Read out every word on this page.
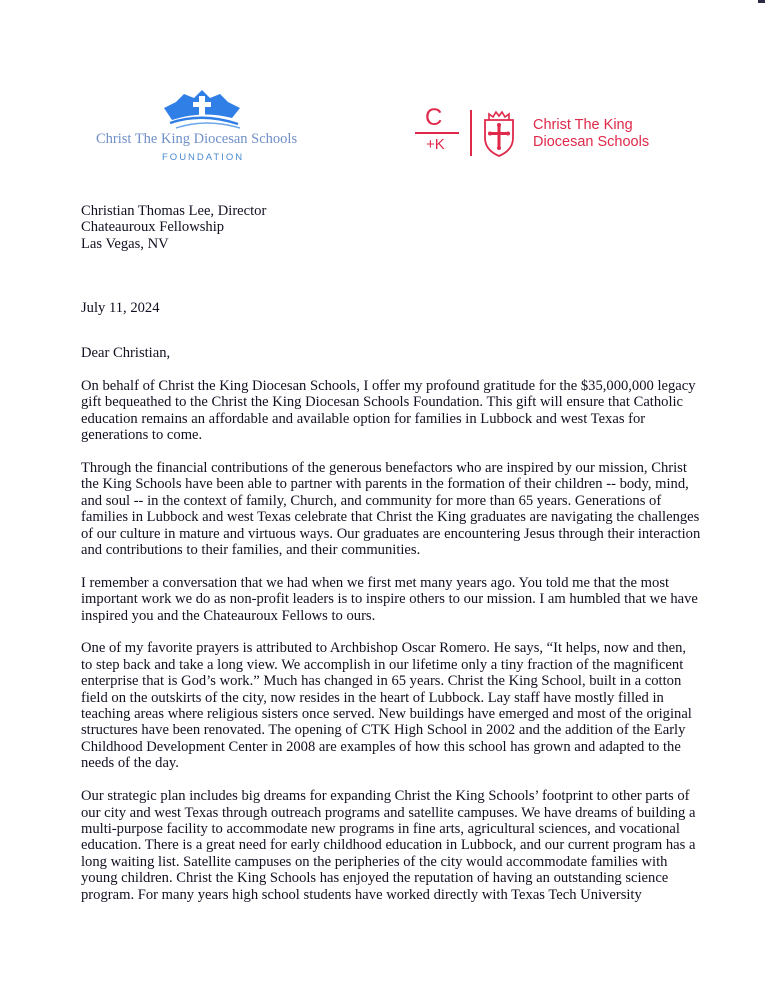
Christ The King Diocesan Schools
FOUNDATION
C
+K
Christ The King
Diocesan Schools
Christian Thomas Lee, Director
Chateauroux Fellowship
Las Vegas, NV
July 11, 2024
Dear Christian,

On behalf of Christ the King Diocesan Schools, I offer my profound gratitude for the $35,000,000 legacy
gift bequeathed to the Christ the King Diocesan Schools Foundation. This gift will ensure that Catholic
education remains an affordable and available option for families in Lubbock and west Texas for
generations to come.

Through the financial contributions of the generous benefactors who are inspired by our mission, Christ
the King Schools have been able to partner with parents in the formation of their children -- body, mind,
and soul -- in the context of family, Church, and community for more than 65 years. Generations of
families in Lubbock and west Texas celebrate that Christ the King graduates are navigating the challenges
of our culture in mature and virtuous ways. Our graduates are encountering Jesus through their interaction
and contributions to their families, and their communities.

I remember a conversation that we had when we first met many years ago. You told me that the most
important work we do as non-profit leaders is to inspire others to our mission. I am humbled that we have
inspired you and the Chateauroux Fellows to ours.

One of my favorite prayers is attributed to Archbishop Oscar Romero. He says, “It helps, now and then,
to step back and take a long view. We accomplish in our lifetime only a tiny fraction of the magnificent
enterprise that is God’s work.” Much has changed in 65 years. Christ the King School, built in a cotton
field on the outskirts of the city, now resides in the heart of Lubbock. Lay staff have mostly filled in
teaching areas where religious sisters once served. New buildings have emerged and most of the original
structures have been renovated. The opening of CTK High School in 2002 and the addition of the Early
Childhood Development Center in 2008 are examples of how this school has grown and adapted to the
needs of the day.

Our strategic plan includes big dreams for expanding Christ the King Schools’ footprint to other parts of
our city and west Texas through outreach programs and satellite campuses. We have dreams of building a
multi-purpose facility to accommodate new programs in fine arts, agricultural sciences, and vocational
education. There is a great need for early childhood education in Lubbock, and our current program has a
long waiting list. Satellite campuses on the peripheries of the city would accommodate families with
young children. Christ the King Schools has enjoyed the reputation of having an outstanding science
program. For many years high school students have worked directly with Texas Tech University
